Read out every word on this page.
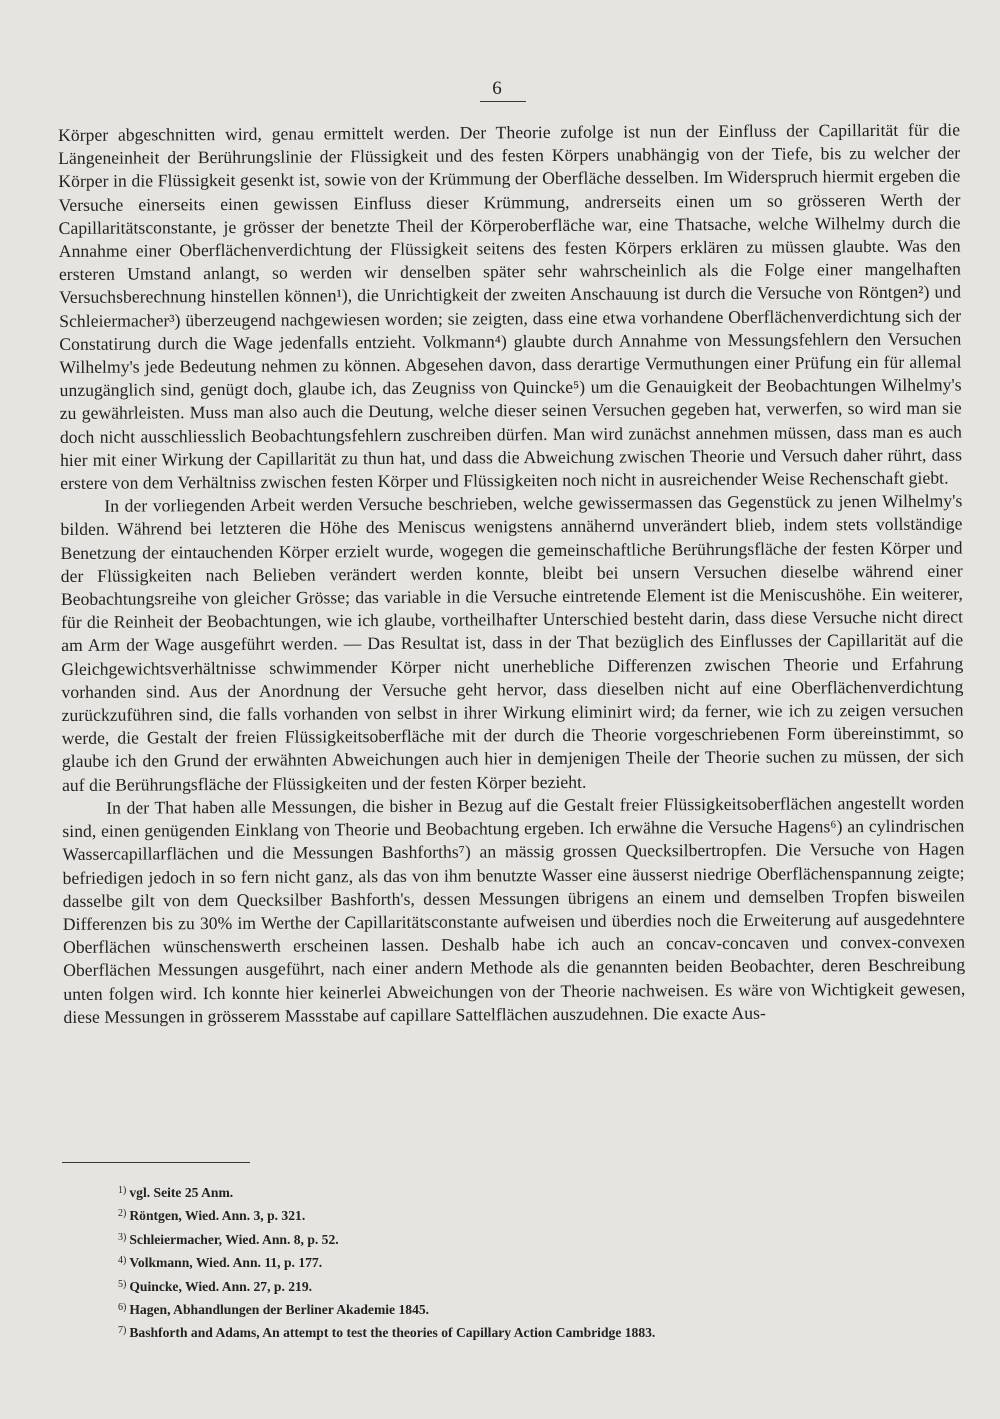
6

Körper abgeschnitten wird, genau ermittelt werden. Der Theorie zufolge ist nun der Einfluss der Capillarität für die Längeneinheit der Berührungslinie der Flüssigkeit und des festen Körpers unabhängig von der Tiefe, bis zu welcher der Körper in die Flüssigkeit gesenkt ist, sowie von der Krümmung der Oberfläche desselben. Im Widerspruch hiermit ergeben die Versuche einerseits einen gewissen Einfluss dieser Krümmung, andrerseits einen um so grösseren Werth der Capillaritätsconstante, je grösser der benetzte Theil der Körperoberfläche war, eine Thatsache, welche Wilhelmy durch die Annahme einer Oberflächenverdichtung der Flüssigkeit seitens des festen Körpers erklären zu müssen glaubte. Was den ersteren Umstand anlangt, so werden wir denselben später sehr wahrscheinlich als die Folge einer mangelhaften Versuchsberechnung hinstellen können¹), die Unrichtigkeit der zweiten Anschauung ist durch die Versuche von Röntgen²) und Schleiermacher³) überzeugend nachgewiesen worden; sie zeigten, dass eine etwa vorhandene Oberflächenverdichtung sich der Constatirung durch die Wage jedenfalls entzieht. Volkmann⁴) glaubte durch Annahme von Messungsfehlern den Versuchen Wilhelmy's jede Bedeutung nehmen zu können. Abgesehen davon, dass derartige Vermuthungen einer Prüfung ein für allemal unzugänglich sind, genügt doch, glaube ich, das Zeugniss von Quincke⁵) um die Genauigkeit der Beobachtungen Wilhelmy's zu gewährleisten. Muss man also auch die Deutung, welche dieser seinen Versuchen gegeben hat, verwerfen, so wird man sie doch nicht ausschliesslich Beobachtungsfehlern zuschreiben dürfen. Man wird zunächst annehmen müssen, dass man es auch hier mit einer Wirkung der Capillarität zu thun hat, und dass die Abweichung zwischen Theorie und Versuch daher rührt, dass erstere von dem Verhältniss zwischen festen Körper und Flüssigkeiten noch nicht in ausreichender Weise Rechenschaft giebt.

In der vorliegenden Arbeit werden Versuche beschrieben, welche gewissermassen das Gegenstück zu jenen Wilhelmy's bilden. Während bei letzteren die Höhe des Meniscus wenigstens annähernd unverändert blieb, indem stets vollständige Benetzung der eintauchenden Körper erzielt wurde, wogegen die gemeinschaftliche Berührungsfläche der festen Körper und der Flüssigkeiten nach Belieben verändert werden konnte, bleibt bei unsern Versuchen dieselbe während einer Beobachtungsreihe von gleicher Grösse; das variable in die Versuche eintretende Element ist die Meniscushöhe. Ein weiterer, für die Reinheit der Beobachtungen, wie ich glaube, vortheilhafter Unterschied besteht darin, dass diese Versuche nicht direct am Arm der Wage ausgeführt werden. — Das Resultat ist, dass in der That bezüglich des Einflusses der Capillarität auf die Gleichgewichtsverhältnisse schwimmender Körper nicht unerhebliche Differenzen zwischen Theorie und Erfahrung vorhanden sind. Aus der Anordnung der Versuche geht hervor, dass dieselben nicht auf eine Oberflächenverdichtung zurückzuführen sind, die falls vorhanden von selbst in ihrer Wirkung eliminirt wird; da ferner, wie ich zu zeigen versuchen werde, die Gestalt der freien Flüssigkeitsoberfläche mit der durch die Theorie vorgeschriebenen Form übereinstimmt, so glaube ich den Grund der erwähnten Abweichungen auch hier in demjenigen Theile der Theorie suchen zu müssen, der sich auf die Berührungsfläche der Flüssigkeiten und der festen Körper bezieht.

In der That haben alle Messungen, die bisher in Bezug auf die Gestalt freier Flüssigkeitsoberflächen angestellt worden sind, einen genügenden Einklang von Theorie und Beobachtung ergeben. Ich erwähne die Versuche Hagens⁶) an cylindrischen Wassercapillarflächen und die Messungen Bashforths⁷) an mässig grossen Quecksilbertropfen. Die Versuche von Hagen befriedigen jedoch in so fern nicht ganz, als das von ihm benutzte Wasser eine äusserst niedrige Oberflächenspannung zeigte; dasselbe gilt von dem Quecksilber Bashforth's, dessen Messungen übrigens an einem und demselben Tropfen bisweilen Differenzen bis zu 30% im Werthe der Capillaritätsconstante aufweisen und überdies noch die Erweiterung auf ausgedehntere Oberflächen wünschenswerth erscheinen lassen. Deshalb habe ich auch an concav-concaven und convex-convexen Oberflächen Messungen ausgeführt, nach einer andern Methode als die genannten beiden Beobachter, deren Beschreibung unten folgen wird. Ich konnte hier keinerlei Abweichungen von der Theorie nachweisen. Es wäre von Wichtigkeit gewesen, diese Messungen in grösserem Massstabe auf capillare Sattelflächen auszudehnen. Die exacte Aus-

$^{1)}$ vgl. Seite 25 Anm.
$^{2)}$ Röntgen, Wied. Ann. 3, p. 321.
$^{3)}$ Schleiermacher, Wied. Ann. 8, p. 52.
$^{4)}$ Volkmann, Wied. Ann. 11, p. 177.
$^{5)}$ Quincke, Wied. Ann. 27, p. 219.
$^{6)}$ Hagen, Abhandlungen der Berliner Akademie 1845.
$^{7)}$ Bashforth and Adams, An attempt to test the theories of Capillary Action Cambridge 1883.
